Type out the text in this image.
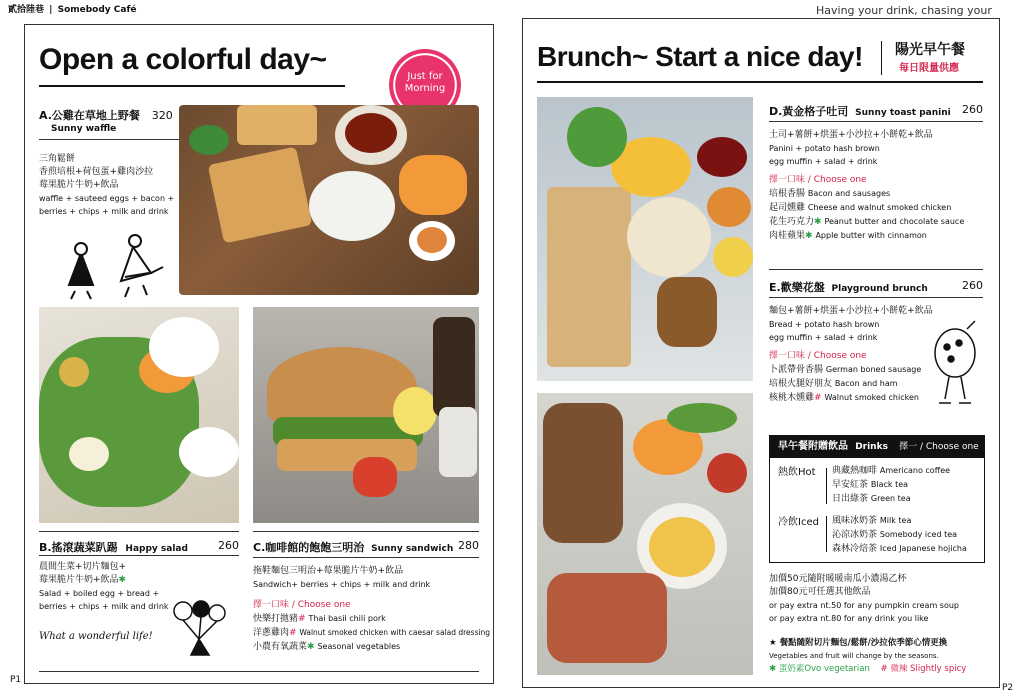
貳拾陸巷 | Somebody Café	Having your drink, chasing your
Open a colorful day~
Just for
Morning
A.公雞在草地上野餐 320
Sunny waffle
三角鬆餅
香煎培根+荷包蛋+雞肉沙拉
莓果脆片牛奶+飲品
waffle + sauteed eggs + bacon +
berries + chips + milk and drink
B.搖滾蔬菜趴踢 Happy salad	260
晨間生菜+切片麵包+
莓果脆片牛奶+飲品✱
Salad + boiled egg + bread +
berries + chips + milk and drink
What a wonderful life!
C.咖啡館的飽飽三明治 Sunny sandwich 280
拖鞋麵包三明治+莓果脆片牛奶+飲品
Sandwich+ berries + chips + milk and drink
擇一口味 / Choose one
快樂打拋豬# Thai basil chili pork
洋蔥雞肉# Walnut smoked chicken with caesar salad dressing
小農有氧蔬菜✱ Seasonal vegetables
P1
Brunch~ Start a nice day! 陽光早午餐
每日限量供應
D.黃金格子吐司 Sunny toast panini 260
土司+薯餅+烘蛋+小沙拉+小餅乾+飲品
Panini + potato hash brown
egg muffin + salad + drink
擇一口味 / Choose one
培根香腸 Bacon and sausages
起司燻雞 Cheese and walnut smoked chicken
花生巧克力✱ Peanut butter and chocolate sauce
肉桂蘋果✱ Apple butter with cinnamon
E.歡樂花盤 Playground brunch	260
麵包+薯餅+烘蛋+小沙拉+小餅乾+飲品
Bread + potato hash brown
egg muffin + salad + drink
擇一口味 / Choose one
卜派帶骨香腸 German boned sausage
培根火腿好朋友 Bacon and ham
核桃木燻雞# Walnut smoked chicken
早午餐附贈飲品 Drinks 擇一 / Choose one
熱飲Hot 典藏熱咖啡 Americano coffee
早安紅茶 Black tea
日出綠茶 Green tea
冷飲Iced 風味冰奶茶 Milk tea
沁涼冰奶茶 Somebody iced tea
森林冷焙茶 Iced Japanese hojicha
加價50元隨附暖暖南瓜小濃湯乙杯
加價80元可任選其他飲品
or pay extra nt.50 for any pumpkin cream soup
or pay extra nt.80 for any drink you like
★ 餐點隨附切片麵包/鬆餅/沙拉依季節心情更換
Vegetables and fruit will change by the seasons.
✱ 蛋奶素Ovo vegetarian # 微辣 Slightly spicy
P2
